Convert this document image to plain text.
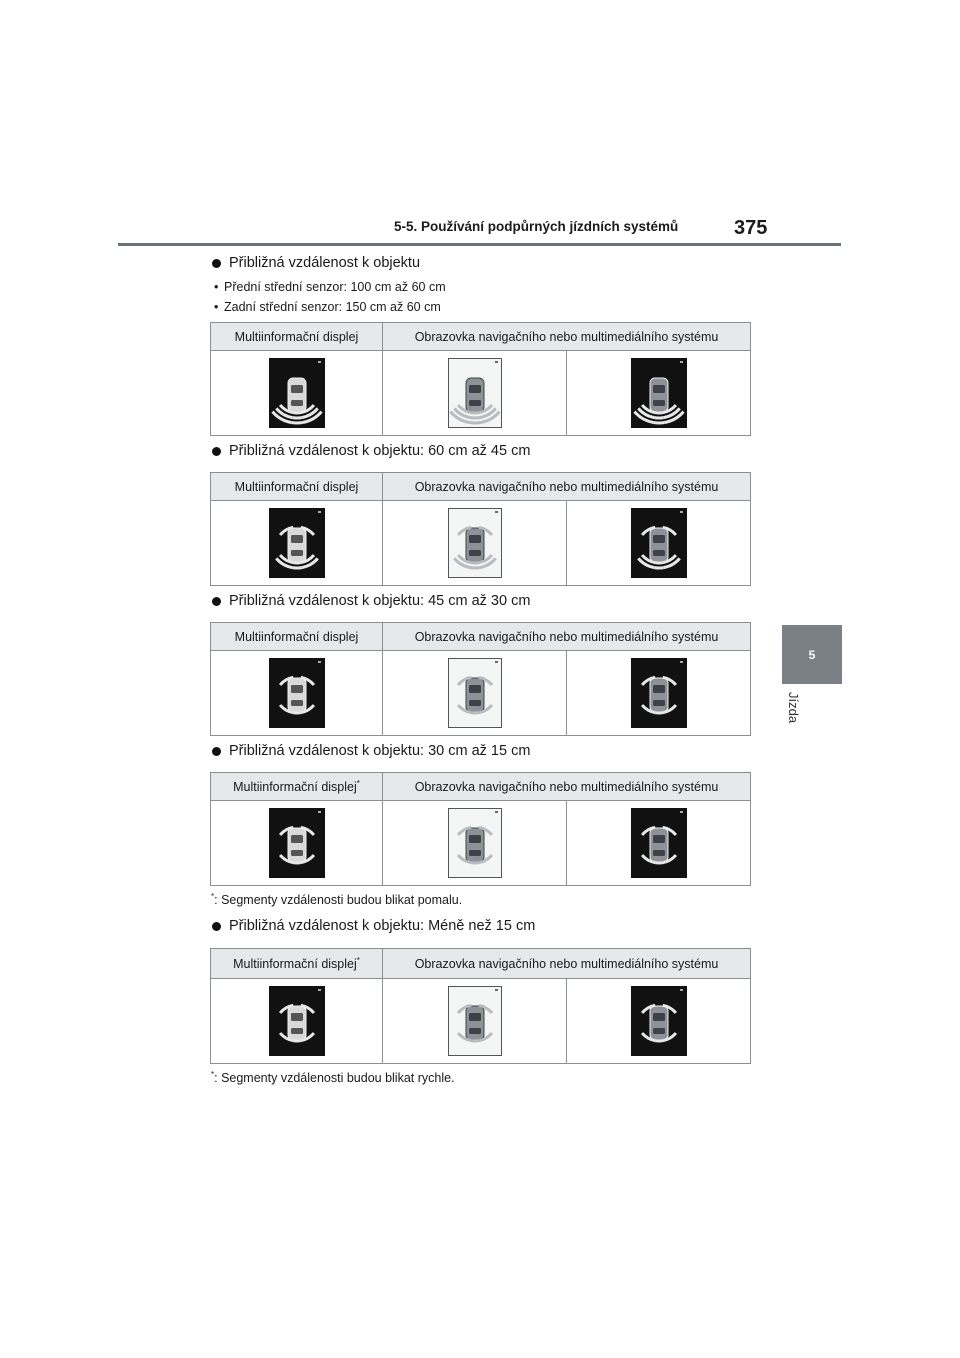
5-5. Používání podpůrných jízdních systémů	375
5
Jízda
Přibližná vzdálenost k objektu
• Přední střední senzor: 100 cm až 60 cm
• Zadní střední senzor: 150 cm až 60 cm
Multiinformační displej	Obrazovka navigačního nebo multimediálního systému	

Přibližná vzdálenost k objektu: 60 cm až 45 cm
Multiinformační displej	Obrazovka navigačního nebo multimediálního systému	

Přibližná vzdálenost k objektu: 45 cm až 30 cm
Multiinformační displej	Obrazovka navigačního nebo multimediálního systému	

Přibližná vzdálenost k objektu: 30 cm až 15 cm
Multiinformační displej*	Obrazovka navigačního nebo multimediálního systému	

*: Segmenty vzdálenosti budou blikat pomalu.
Přibližná vzdálenost k objektu: Méně než 15 cm
Multiinformační displej*	Obrazovka navigačního nebo multimediálního systému	

*: Segmenty vzdálenosti budou blikat rychle.
